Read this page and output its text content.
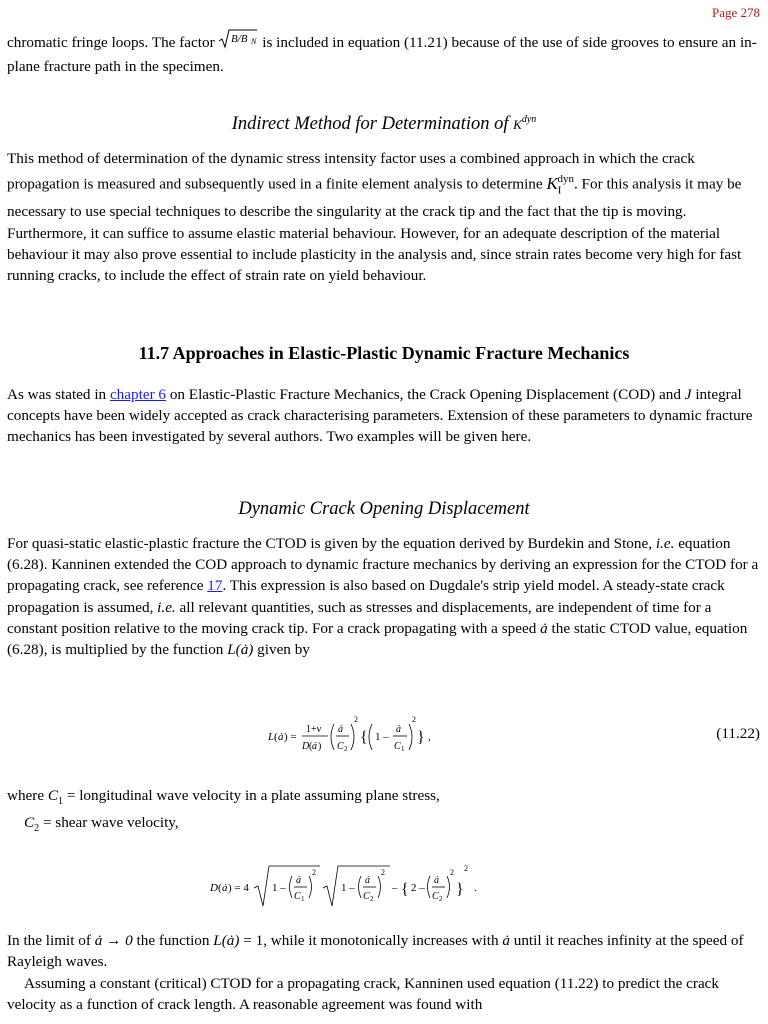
Page 278

chromatic fringe loops. The factor B/B N is included in equation (11.21) because of the use of side grooves to ensure an in-plane fracture path in the specimen.

Indirect Method for Determination of $K^{dyn}$

This method of determination of the dynamic stress intensity factor uses a combined approach in which the crack propagation is measured and subsequently used in a finite element analysis to determine $K_I^{dyn}$. For this analysis it may be necessary to use special techniques to describe the singularity at the crack tip and the fact that the tip is moving. Furthermore, it can suffice to assume elastic material behaviour. However, for an adequate description of the material behaviour it may also prove essential to include plasticity in the analysis and, since strain rates become very high for fast running cracks, to include the effect of strain rate on yield behaviour.

11.7 Approaches in Elastic-Plastic Dynamic Fracture Mechanics

As was stated in chapter 6 on Elastic-Plastic Fracture Mechanics, the Crack Opening Displacement (COD) and J integral concepts have been widely accepted as crack characterising parameters. Extension of these parameters to dynamic fracture mechanics has been investigated by several authors. Two examples will be given here.

Dynamic Crack Opening Displacement

For quasi-static elastic-plastic fracture the CTOD is given by the equation derived by Burdekin and Stone, i.e. equation (6.28). Kanninen extended the COD approach to dynamic fracture mechanics by deriving an expression for the CTOD for a propagating crack, see reference 17. This expression is also based on Dugdale's strip yield model. A steady-state crack propagation is assumed, i.e. all relevant quantities, such as stresses and displacements, are independent of time for a constant position relative to the moving crack tip. For a crack propagating with a speed ȧ the static CTOD value, equation (6.28), is multiplied by the function L(ȧ) given by

L ( ȧ ) =
1+ν
D ( ȧ )
ȧ
C 2
2
{ 1 –
ȧ
C 1
2
} ,	(11.22)

where $C_1$ = longitudinal wave velocity in a plate assuming plane stress,
$C_2$ = shear wave velocity,

D ( ȧ ) = 4 1 –
ȧ
C 1
2
1 –
ȧ
C 2
2
– { 2 –
ȧ
C 2
2
}
2
.

In the limit of ȧ → 0 the function L(ȧ) = 1, while it monotonically increases with ȧ until it reaches infinity at the speed of Rayleigh waves.

Assuming a constant (critical) CTOD for a propagating crack, Kanninen used equation (11.22) to predict the crack velocity as a function of crack length. A reasonable agreement was found with
